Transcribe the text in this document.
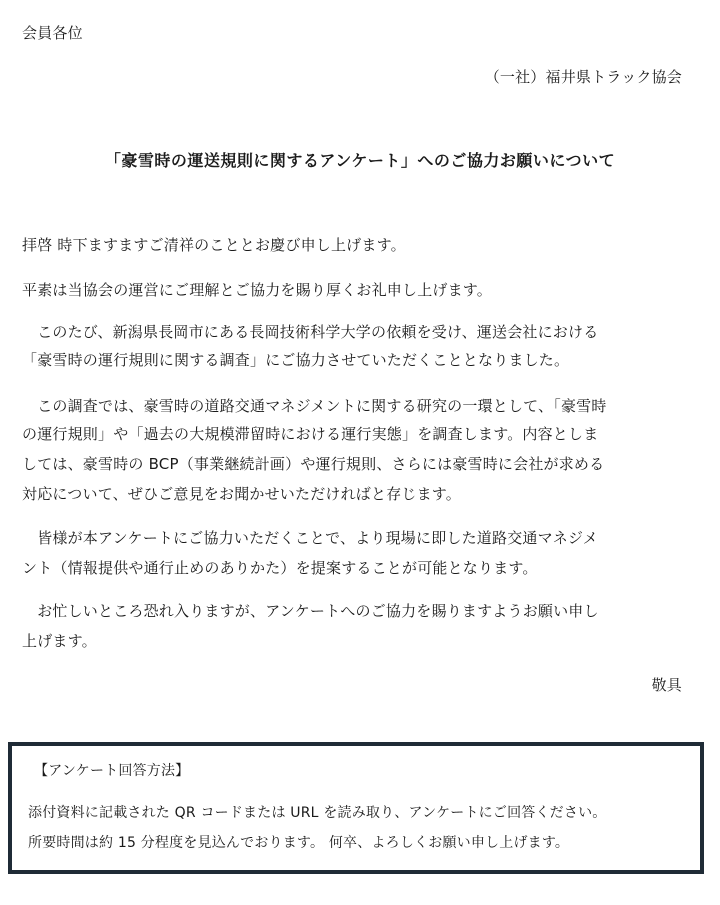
会員各位
（一社）福井県トラック協会
「豪雪時の運送規則に関するアンケート」へのご協力お願いについて
拝啓 時下ますますご清祥のこととお慶び申し上げます。
平素は当協会の運営にご理解とご協力を賜り厚くお礼申し上げます。
　このたび、新潟県長岡市にある長岡技術科学大学の依頼を受け、運送会社における
「豪雪時の運行規則に関する調査」にご協力させていただくこととなりました。
　この調査では、豪雪時の道路交通マネジメントに関する研究の一環として、「豪雪時
の運行規則」や「過去の大規模滞留時における運行実態」を調査します。内容としま
しては、豪雪時の BCP（事業継続計画）や運行規則、さらには豪雪時に会社が求める
対応について、ぜひご意見をお聞かせいただければと存じます。
　皆様が本アンケートにご協力いただくことで、より現場に即した道路交通マネジメ
ント（情報提供や通行止めのありかた）を提案することが可能となります。
　お忙しいところ恐れ入りますが、アンケートへのご協力を賜りますようお願い申し
上げます。
敬具
【アンケート回答方法】
添付資料に記載された QR コードまたは URL を読み取り、アンケートにご回答ください。
所要時間は約 15 分程度を見込んでおります。 何卒、よろしくお願い申し上げます。
